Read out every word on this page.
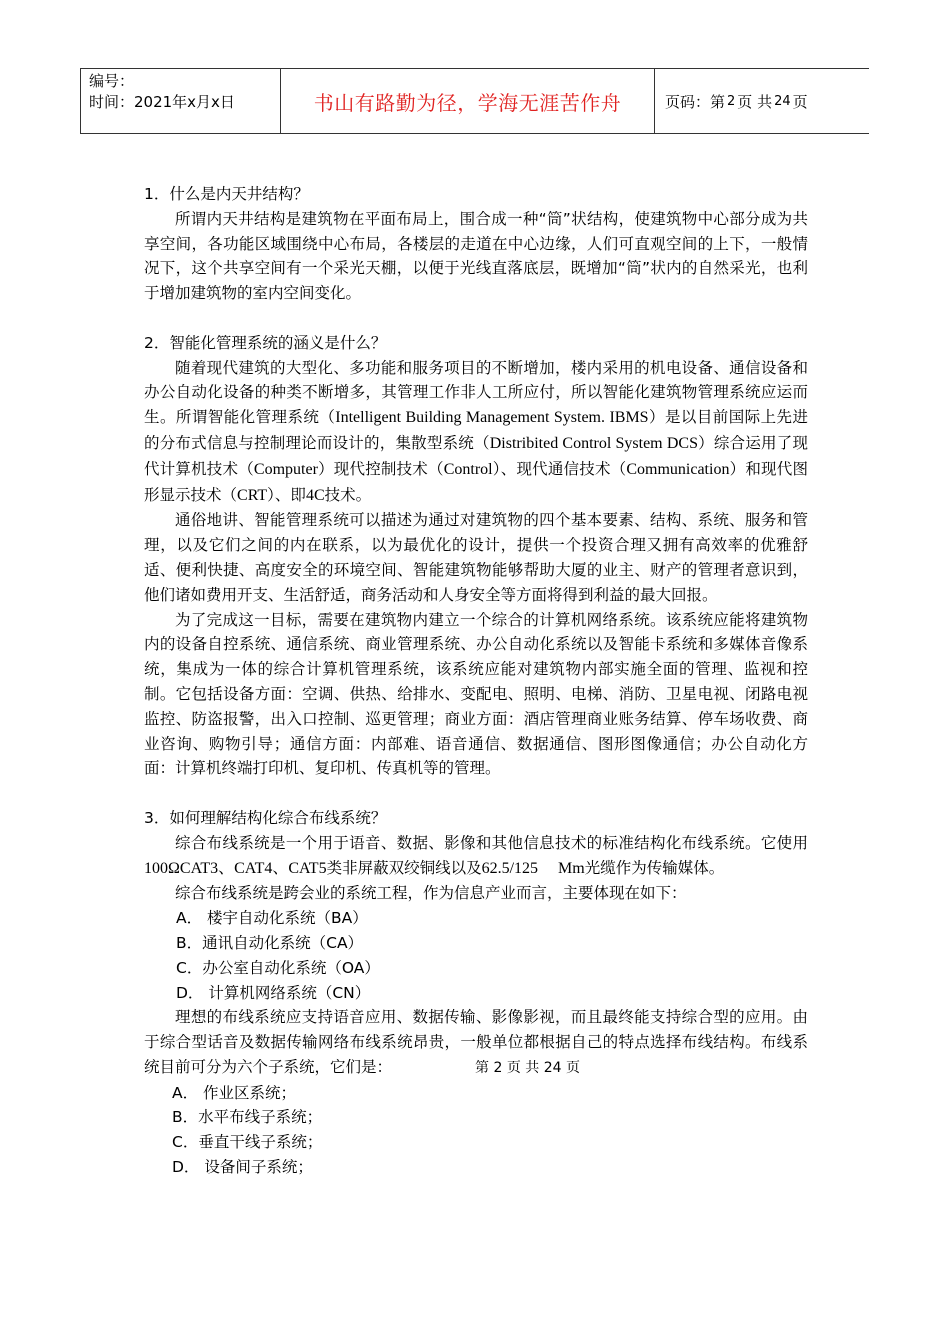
编号：
时间：2021年x月x日	书山有路勤为径，学海无涯苦作舟	页码：第 2 页 共 24 页

1．什么是内天井结构？

所谓内天井结构是建筑物在平面布局上，围合成一种“筒”状结构，使建筑物中心部分成为共享空间，各功能区域围绕中心布局，各楼层的走道在中心边缘，人们可直观空间的上下，一般情况下，这个共享空间有一个采光天棚，以便于光线直落底层，既增加“筒”状内的自然采光，也利于增加建筑物的室内空间变化。

2．智能化管理系统的涵义是什么？

随着现代建筑的大型化、多功能和服务项目的不断增加，楼内采用的机电设备、通信设备和办公自动化设备的种类不断增多，其管理工作非人工所应付，所以智能化建筑物管理系统应运而生。所谓智能化管理系统（Intelligent Building Management System. IBMS）是以目前国际上先进的分布式信息与控制理论而设计的，集散型系统（Distribited Control System DCS）综合运用了现代计算机技术（Computer）现代控制技术（Control）、现代通信技术（Communication）和现代图形显示技术（CRT）、即4C技术。

通俗地讲、智能管理系统可以描述为通过对建筑物的四个基本要素、结构、系统、服务和管理，以及它们之间的内在联系，以为最优化的设计，提供一个投资合理又拥有高效率的优雅舒适、便利快捷、高度安全的环境空间、智能建筑物能够帮助大厦的业主、财产的管理者意识到，他们诸如费用开支、生活舒适，商务活动和人身安全等方面将得到利益的最大回报。

为了完成这一目标，需要在建筑物内建立一个综合的计算机网络系统。该系统应能将建筑物内的设备自控系统、通信系统、商业管理系统、办公自动化系统以及智能卡系统和多媒体音像系统，集成为一体的综合计算机管理系统，该系统应能对建筑物内部实施全面的管理、监视和控制。它包括设备方面：空调、供热、给排水、变配电、照明、电梯、消防、卫星电视、闭路电视监控、防盗报警，出入口控制、巡更管理；商业方面：酒店管理商业账务结算、停车场收费、商业咨询、购物引导；通信方面：内部难、语音通信、数据通信、图形图像通信；办公自动化方面：计算机终端打印机、复印机、传真机等的管理。

3．如何理解结构化综合布线系统？

综合布线系统是一个用于语音、数据、影像和其他信息技术的标准结构化布线系统。它使用100ΩCAT3、CAT4、CAT5类非屏蔽双绞铜线以及62.5/125　 Mm光缆作为传输媒体。

综合布线系统是跨会业的系统工程，作为信息产业而言，主要体现在如下：

A． 楼宇自动化系统（BA）

B．通讯自动化系统（CA）

C．办公室自动化系统（OA）

D． 计算机网络系统（CN）

理想的布线系统应支持语音应用、数据传输、影像影视，而且最终能支持综合型的应用。由于综合型话音及数据传输网络布线系统昂贵，一般单位都根据自己的特点选择布线结构。布线系统目前可分为六个子系统，它们是：	第 2 页 共 24 页

A． 作业区系统；

B．水平布线子系统；

C．垂直干线子系统；

D． 设备间子系统；
